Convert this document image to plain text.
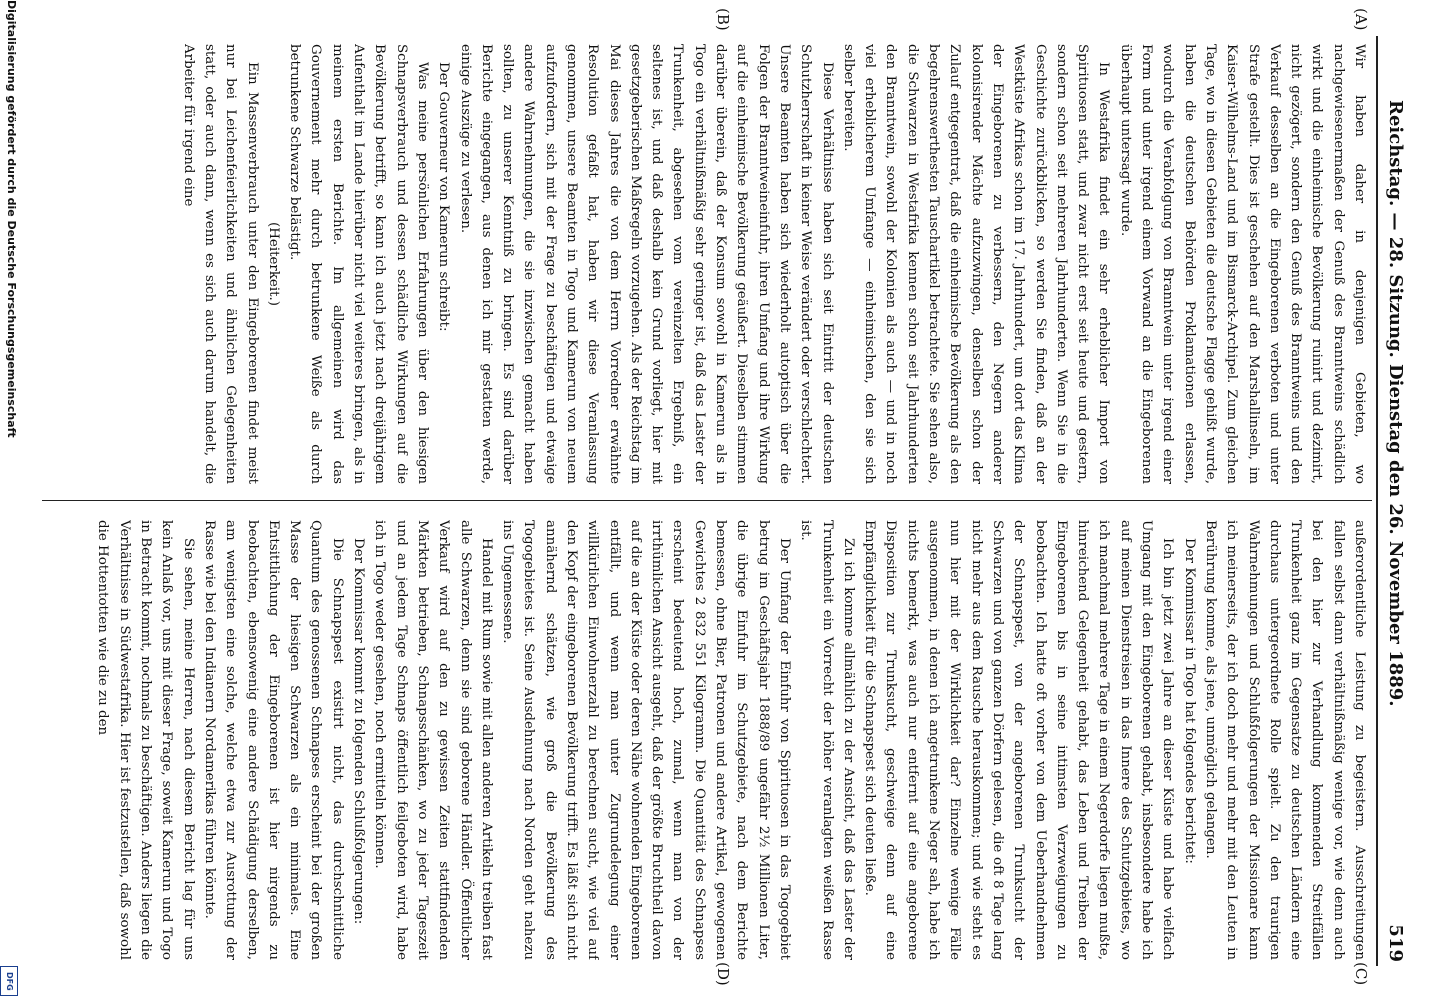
Reichstag. — 28. Sitzung. Dienstag den 26. November 1889.
519
(A)
(B)
(C)
(D)

Wir haben daher in denjenigen Gebieten, wo nachgewiesenermaßen der Genuß des Branntweins schädlich wirkt und die einheimische Bevölkerung ruinirt und dezimirt, nicht gezögert, sondern den Genuß des Branntweins und den Verkauf desselben an die Eingeborenen verboten und unter Strafe gestellt. Dies ist geschehen auf den Marshallinseln, im Kaiser-Wilhelms-Land und im Bismarck-Archipel. Zum gleichen Tage, wo in diesen Gebieten die deutsche Flagge gehißt wurde, haben die deutschen Behörden Proklamationen erlassen, wodurch die Verabfolgung von Branntwein unter irgend einer Form und unter irgend einem Vorwand an die Eingeborenen überhaupt untersagt wurde.

In Westafrika findet ein sehr erheblicher Import von Spirituosen statt, und zwar nicht erst seit heute und gestern, sondern schon seit mehreren Jahrhunderten. Wenn Sie in die Geschichte zurückblicken, so werden Sie finden, daß an der Westküste Afrikas schon im 17. Jahrhundert, um dort das Klima der Eingeborenen zu verbessern, den Negern anderer kolonisirender Mächte aufzuzwingen, denselben schon der Zulauf entgegentrat, daß die einheimische Bevölkerung als den begehrenswerthesten Tauschartikel betrachtete. Sie sehen also, die Schwarzen in Westafrika kennen schon seit Jahrhunderten den Branntwein, sowohl der Kolonien als auch — und in noch viel erheblicherem Umfange — einheimischen, den sie sich selber bereiten.

Diese Verhältnisse haben sich seit Eintritt der deutschen Schutzherrschaft in keiner Weise verändert oder verschlechtert. Unsere Beamten haben sich wiederholt autoptisch über die Folgen der Branntweineinfuhr, ihren Umfang und ihre Wirkung auf die einheimische Bevölkerung geäußert. Dieselben stimmen darüber überein, daß der Konsum sowohl in Kamerun als in Togo ein verhältnißmäßig sehr geringer ist, daß das Laster der Trunkenheit, abgesehen vom vereinzelten Ergebniß, ein seltenes ist, und daß deshalb kein Grund vorliegt, hier mit gesetzgeberischen Maßregeln vorzugehen. Als der Reichstag im Mai dieses Jahres die von dem Herrn Vorredner erwähnte Resolution gefaßt hat, haben wir diese Veranlassung genommen, unsere Beamten in Togo und Kamerun von neuem aufzufordern, sich mit der Frage zu beschäftigen und etwaige andere Wahrnehmungen, die sie inzwischen gemacht haben sollten, zu unserer Kenntniß zu bringen. Es sind darüber Berichte eingegangen, aus denen ich mir gestatten werde, einige Auszüge zu verlesen.

Der Gouverneur von Kamerun schreibt:

Was meine persönlichen Erfahrungen über den hiesigen Schnapsverbrauch und dessen schädliche Wirkungen auf die Bevölkerung betrifft, so kann ich auch jetzt nach dreijährigem Aufenthalt im Lande hierüber nicht viel weiteres bringen, als in meinem ersten Berichte. Im allgemeinen wird das Gouvernement mehr durch betrunkene Weiße als durch betrunkene Schwarze belästigt.

(Heiterkeit.)

Ein Massenverbrauch unter den Eingeborenen findet meist nur bei Leichenfeierlichkeiten und ähnlichen Gelegenheiten statt, oder auch dann, wenn es sich auch darum handelt, die Arbeiter für irgend eine

außerordentliche Leistung zu begeistern. Ausschreitungen fallen selbst dann verhältnißmäßig wenige vor, wie denn auch bei den hier zur Verhandlung kommenden Streitfällen Trunkenheit ganz im Gegensatze zu deutschen Ländern eine durchaus untergeordnete Rolle spielt. Zu den traurigen Wahrnehmungen und Schlußfolgerungen der Missionare kann ich meinerseits, der ich doch mehr und mehr mit den Leuten in Berührung komme, als jene, unmöglich gelangen.

Der Kommissar in Togo hat folgendes berichtet:

Ich bin jetzt zwei Jahre an dieser Küste und habe vielfach Umgang mit den Eingeborenen gehabt, insbesondere habe ich auf meinen Dienstreisen in das Innere des Schutzgebietes, wo ich manchmal mehrere Tage in einem Negerdorfe liegen mußte, hinreichend Gelegenheit gehabt, das Leben und Treiben der Eingeborenen bis in seine intimsten Verzweigungen zu beobachten. Ich hatte oft vorher von dem Ueberhandnehmen der Schnapspest, von der angeborenen Trunksucht der Schwarzen und von ganzen Dörfern gelesen, die oft 8 Tage lang nicht mehr aus dem Rausche herauskommen; und wie steht es nun hier mit der Wirklichkeit dar? Einzelne wenige Fälle ausgenommen, in denen ich angetrunkene Neger sah, habe ich nichts bemerkt, was auch nur entfernt auf eine angeborene Disposition zur Trunksucht, geschweige denn auf eine Empfänglichkeit für die Schnapspest sich deuten ließe.

Zu ich komme allmählich zu der Ansicht, daß das Laster der Trunkenheit ein Vorrecht der höher veranlagten weißen Rasse ist.

Der Umfang der Einfuhr von Spirituosen in das Togogebiet betrug im Geschäftsjahr 1888/89 ungefähr 2½ Millionen Liter, die übrige Einfuhr im Schutzgebiete, nach dem Berichte bemessen, ohne Bier, Patronen und andere Artikel, gewogenen Gewichtes 2 832 551 Kilogramm. Die Quantität des Schnapses erscheint bedeutend hoch, zumal, wenn man von der irrthümlichen Ansicht ausgeht, daß der größte Bruchtheil davon auf die an der Küste oder deren Nähe wohnenden Eingeborenen entfällt, und wenn man unter Zugrundelegung einer willkürlichen Einwohnerzahl zu berechnen sucht, wie viel auf den Kopf der eingeborenen Bevölkerung trifft. Es läßt sich nicht annähernd schätzen, wie groß die Bevölkerung des Togogebietes ist. Seine Ausdehnung nach Norden geht nahezu ins Ungemessene.

Handel mit Rum sowie mit allen anderen Artikeln treiben fast alle Schwarzen, denn sie sind geborene Händler. Öffentlicher Verkauf wird auf den zu gewissen Zeiten stattfindenden Märkten betrieben, Schnapsschänken, wo zu jeder Tageszeit und an jedem Tage Schnaps öffentlich feilgeboten wird, habe ich in Togo weder gesehen, noch ermitteln können.

Der Kommissar kommt zu folgenden Schlußfolgerungen:

Die Schnapspest existirt nicht, das durchschnittliche Quantum des genossenen Schnapses erscheint bei der großen Masse der hiesigen Schwarzen als ein minimales. Eine Entsittlichung der Eingeborenen ist hier nirgends zu beobachten, ebensowenig eine andere Schädigung derselben, am wenigsten eine solche, welche etwa zur Ausrottung der Rasse wie bei den Indianern Nordamerikas führen könnte.

Sie sehen, meine Herren, nach diesem Bericht lag für uns kein Anlaß vor, uns mit dieser Frage, soweit Kamerun und Togo in Betracht kommt, nochmals zu beschäftigen. Anders liegen die Verhältnisse in Südwestafrika. Hier ist festzustellen, daß sowohl die Hottentotten wie die zu den

Digitalisierung gefördert durch die Deutsche Forschungsgemeinschaft
DFG
